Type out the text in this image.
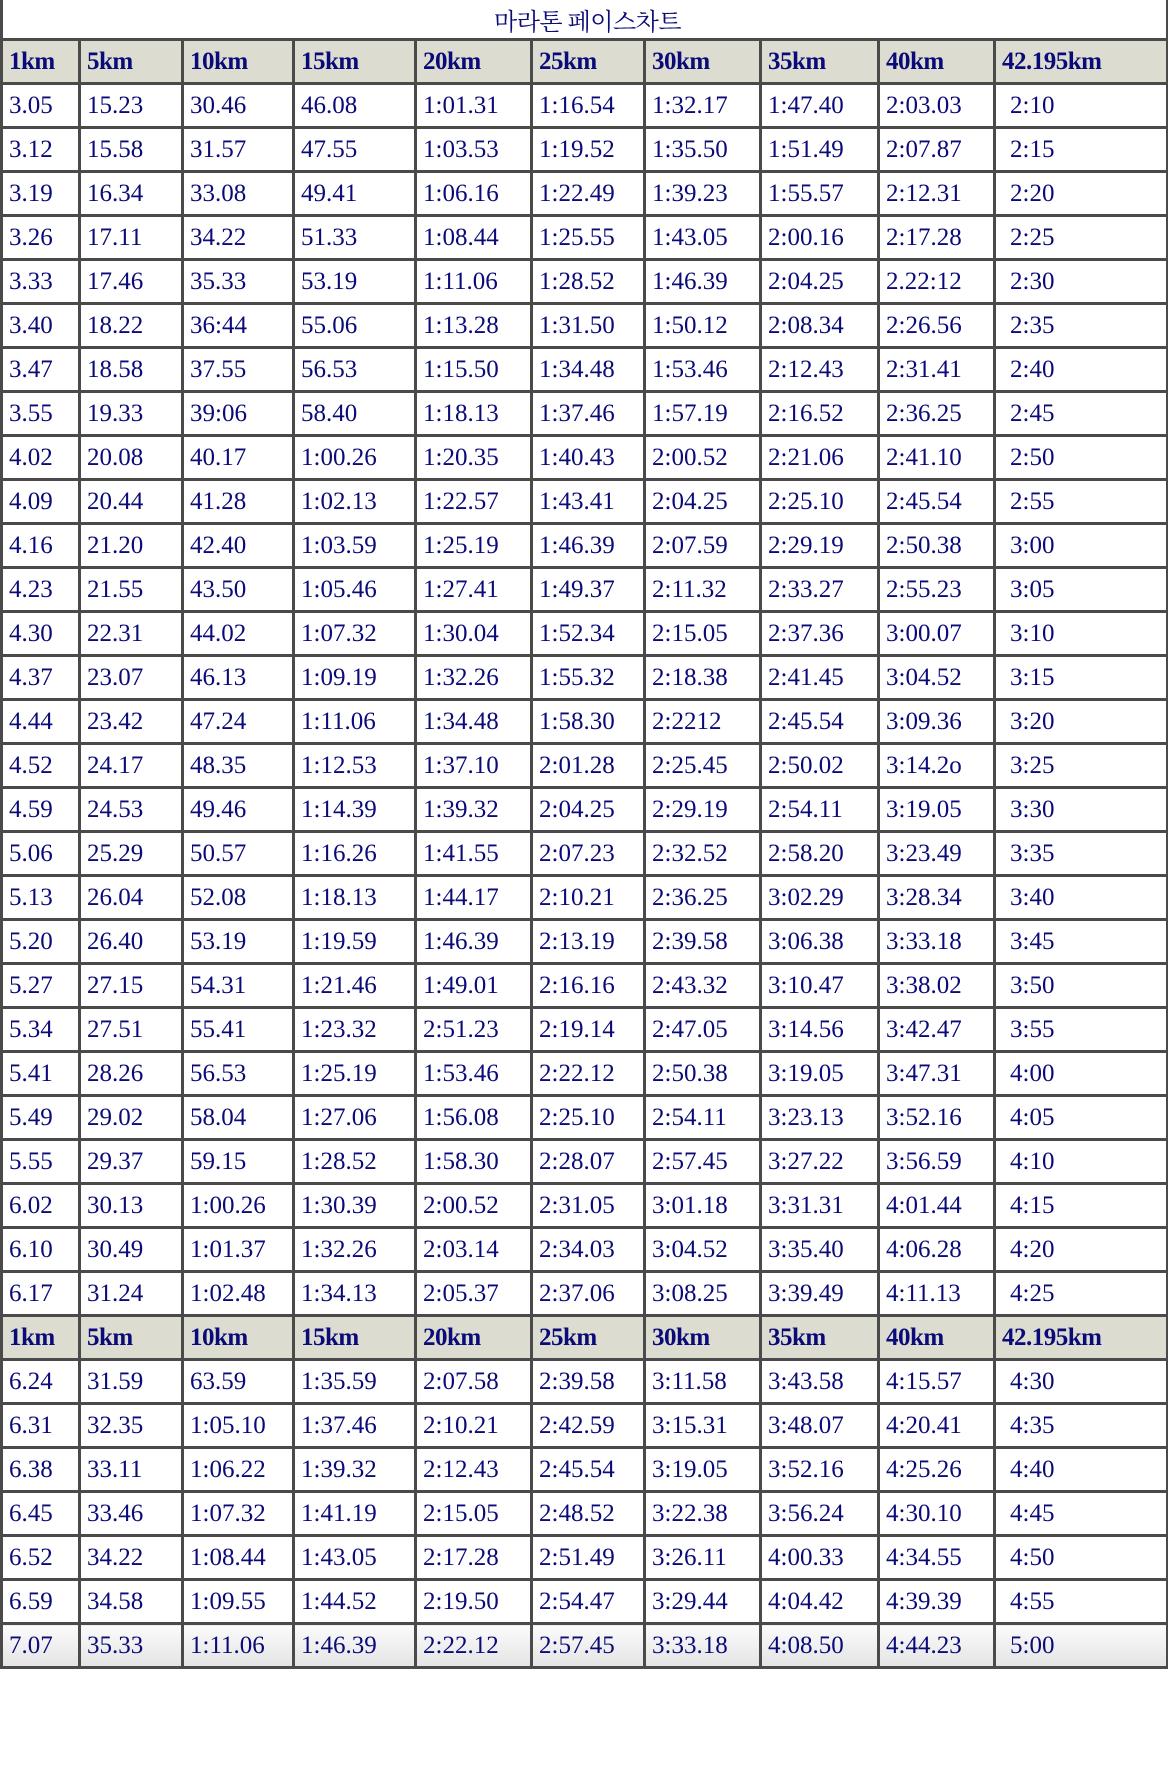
마라톤 페이스차트									
1km	5km	10km	15km	20km	25km	30km	35km	40km	42.195km
3.05	15.23	30.46	46.08	1:01.31	1:16.54	1:32.17	1:47.40	2:03.03	2:10
3.12	15.58	31.57	47.55	1:03.53	1:19.52	1:35.50	1:51.49	2:07.87	2:15
3.19	16.34	33.08	49.41	1:06.16	1:22.49	1:39.23	1:55.57	2:12.31	2:20
3.26	17.11	34.22	51.33	1:08.44	1:25.55	1:43.05	2:00.16	2:17.28	2:25
3.33	17.46	35.33	53.19	1:11.06	1:28.52	1:46.39	2:04.25	2.22:12	2:30
3.40	18.22	36:44	55.06	1:13.28	1:31.50	1:50.12	2:08.34	2:26.56	2:35
3.47	18.58	37.55	56.53	1:15.50	1:34.48	1:53.46	2:12.43	2:31.41	2:40
3.55	19.33	39:06	58.40	1:18.13	1:37.46	1:57.19	2:16.52	2:36.25	2:45
4.02	20.08	40.17	1:00.26	1:20.35	1:40.43	2:00.52	2:21.06	2:41.10	2:50
4.09	20.44	41.28	1:02.13	1:22.57	1:43.41	2:04.25	2:25.10	2:45.54	2:55
4.16	21.20	42.40	1:03.59	1:25.19	1:46.39	2:07.59	2:29.19	2:50.38	3:00
4.23	21.55	43.50	1:05.46	1:27.41	1:49.37	2:11.32	2:33.27	2:55.23	3:05
4.30	22.31	44.02	1:07.32	1:30.04	1:52.34	2:15.05	2:37.36	3:00.07	3:10
4.37	23.07	46.13	1:09.19	1:32.26	1:55.32	2:18.38	2:41.45	3:04.52	3:15
4.44	23.42	47.24	1:11.06	1:34.48	1:58.30	2:2212	2:45.54	3:09.36	3:20
4.52	24.17	48.35	1:12.53	1:37.10	2:01.28	2:25.45	2:50.02	3:14.2o	3:25
4.59	24.53	49.46	1:14.39	1:39.32	2:04.25	2:29.19	2:54.11	3:19.05	3:30
5.06	25.29	50.57	1:16.26	1:41.55	2:07.23	2:32.52	2:58.20	3:23.49	3:35
5.13	26.04	52.08	1:18.13	1:44.17	2:10.21	2:36.25	3:02.29	3:28.34	3:40
5.20	26.40	53.19	1:19.59	1:46.39	2:13.19	2:39.58	3:06.38	3:33.18	3:45
5.27	27.15	54.31	1:21.46	1:49.01	2:16.16	2:43.32	3:10.47	3:38.02	3:50
5.34	27.51	55.41	1:23.32	2:51.23	2:19.14	2:47.05	3:14.56	3:42.47	3:55
5.41	28.26	56.53	1:25.19	1:53.46	2:22.12	2:50.38	3:19.05	3:47.31	4:00
5.49	29.02	58.04	1:27.06	1:56.08	2:25.10	2:54.11	3:23.13	3:52.16	4:05
5.55	29.37	59.15	1:28.52	1:58.30	2:28.07	2:57.45	3:27.22	3:56.59	4:10
6.02	30.13	1:00.26	1:30.39	2:00.52	2:31.05	3:01.18	3:31.31	4:01.44	4:15
6.10	30.49	1:01.37	1:32.26	2:03.14	2:34.03	3:04.52	3:35.40	4:06.28	4:20
6.17	31.24	1:02.48	1:34.13	2:05.37	2:37.06	3:08.25	3:39.49	4:11.13	4:25
1km	5km	10km	15km	20km	25km	30km	35km	40km	42.195km
6.24	31.59	63.59	1:35.59	2:07.58	2:39.58	3:11.58	3:43.58	4:15.57	4:30
6.31	32.35	1:05.10	1:37.46	2:10.21	2:42.59	3:15.31	3:48.07	4:20.41	4:35
6.38	33.11	1:06.22	1:39.32	2:12.43	2:45.54	3:19.05	3:52.16	4:25.26	4:40
6.45	33.46	1:07.32	1:41.19	2:15.05	2:48.52	3:22.38	3:56.24	4:30.10	4:45
6.52	34.22	1:08.44	1:43.05	2:17.28	2:51.49	3:26.11	4:00.33	4:34.55	4:50
6.59	34.58	1:09.55	1:44.52	2:19.50	2:54.47	3:29.44	4:04.42	4:39.39	4:55
7.07	35.33	1:11.06	1:46.39	2:22.12	2:57.45	3:33.18	4:08.50	4:44.23	5:00
